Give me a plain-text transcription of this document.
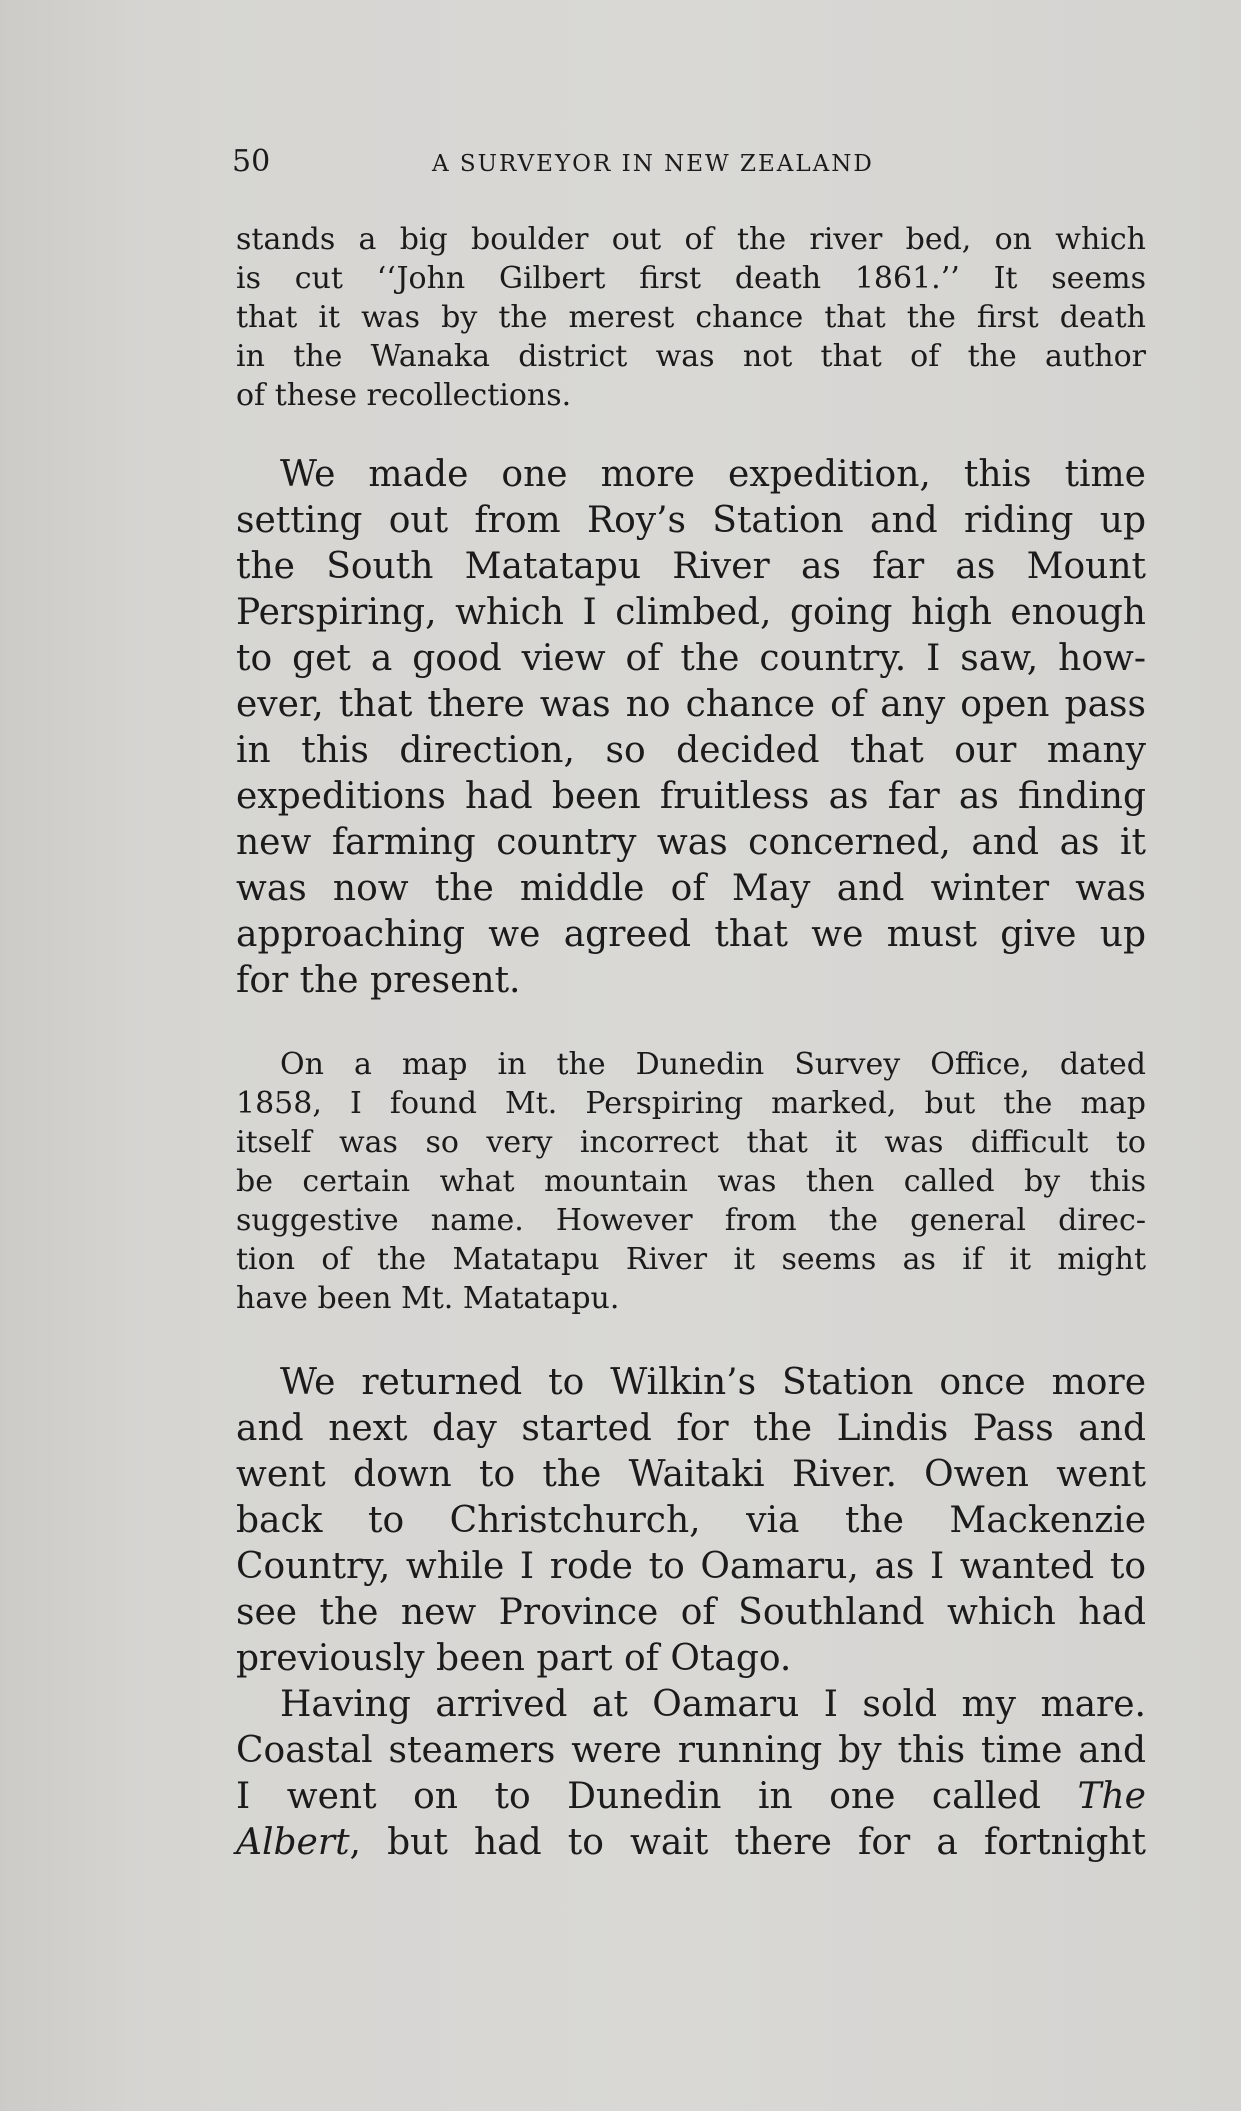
50	A SURVEYOR IN NEW ZEALAND
stands a big boulder out of the river bed, on which
is cut ‘‘John Gilbert first death 1861.’’ It seems
that it was by the merest chance that the first death
in the Wanaka district was not that of the author
of these recollections.
We made one more expedition, this time
setting out from Roy’s Station and riding up
the South Matatapu River as far as Mount
Perspiring, which I climbed, going high enough
to get a good view of the country. I saw, how-
ever, that there was no chance of any open pass
in this direction, so decided that our many
expeditions had been fruitless as far as finding
new farming country was concerned, and as it
was now the middle of May and winter was
approaching we agreed that we must give up
for the present.
On a map in the Dunedin Survey Office, dated
1858, I found Mt. Perspiring marked, but the map
itself was so very incorrect that it was difficult to
be certain what mountain was then called by this
suggestive name. However from the general direc-
tion of the Matatapu River it seems as if it might
have been Mt. Matatapu.
We returned to Wilkin’s Station once more
and next day started for the Lindis Pass and
went down to the Waitaki River. Owen went
back to Christchurch, via the Mackenzie
Country, while I rode to Oamaru, as I wanted to
see the new Province of Southland which had
previously been part of Otago.
Having arrived at Oamaru I sold my mare.
Coastal steamers were running by this time and
I went on to Dunedin in one called The
Albert, but had to wait there for a fortnight
